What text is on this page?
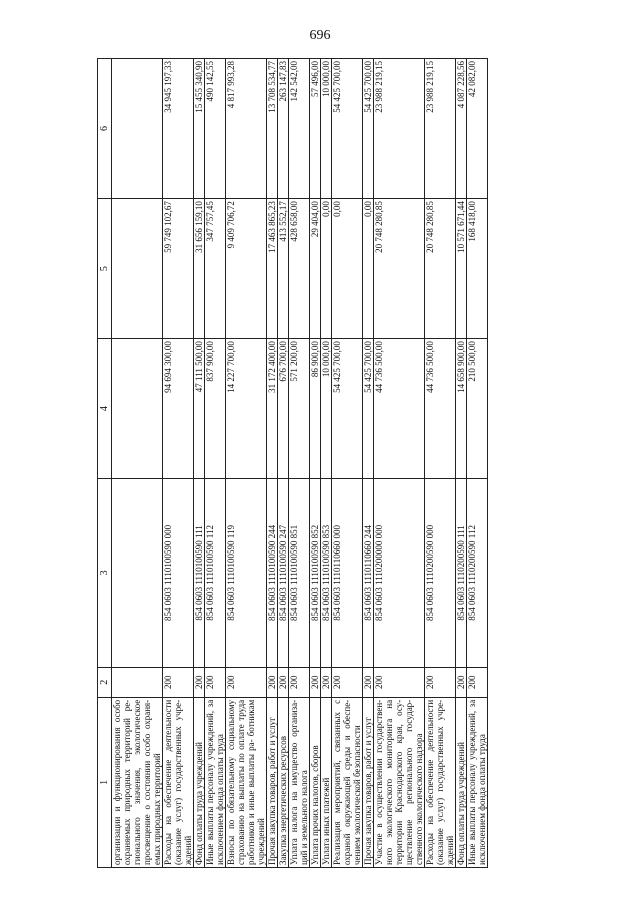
696
1	2	3	4	5	6
организации и функционирования особо охраняемых природных территорий ре- гионального значения, экологическое просвещение о состоянии особо охраня- емых природных территорий					
Расходы на обеспечение деятельности (оказание услуг) государственных учре- ждений	200	854 0603 1110100590 000	94 694 300,00	59 749 102,67	34 945 197,33
Фонд оплаты труда учреждений	200	854 0603 1110100590 111	47 111 500,00	31 656 159,10	15 455 340,90
Иные выплаты персоналу учреждений, за исключением фонда оплаты труда	200	854 0603 1110100590 112	837 900,00	347 757,45	490 142,55
Взносы по обязательному социальному страхованию на выплаты по оплате труда работников и иные выплаты ра- ботникам учреждений	200	854 0603 1110100590 119	14 227 700,00	9 409 706,72	4 817 993,28
Прочая закупка товаров, работ и услуг	200	854 0603 1110100590 244	31 172 400,00	17 463 865,23	13 708 534,77
Закупка энергетических ресурсов	200	854 0603 1110100590 247	676 700,00	413 552,17	263 147,83
Уплата налога на имущество организа- ций и земельного налога	200	854 0603 1110100590 851	571 200,00	428 658,00	142 542,00
Уплата прочих налогов, сборов	200	854 0603 1110100590 852	86 900,00	29 404,00	57 496,00
Уплата иных платежей	200	854 0603 1110100590 853	10 000,00	0,00	10 000,00
Реализация мероприятий, связанных с охраной окружающей среды и обеспе- чением экологической безопасности	200	854 0603 1110110660 000	54 425 700,00	0,00	54 425 700,00
Прочая закупка товаров, работ и услуг	200	854 0603 1110110660 244	54 425 700,00	0,00	54 425 700,00
Участие в осуществлении государствен- ного экологического мониторинга на территории Краснодарского края, осу- ществление регионального государ- ственного экологического надзора	200	854 0603 1110200000 000	44 736 500,00	20 748 280,85	23 988 219,15
Расходы на обеспечение деятельности (оказание услуг) государственных учре- ждений	200	854 0603 1110200590 000	44 736 500,00	20 748 280,85	23 988 219,15
Фонд оплаты труда учреждений	200	854 0603 1110200590 111	14 658 900,00	10 571 671,44	4 087 228,56
Иные выплаты персоналу учреждений, за исключением фонда оплаты труда	200	854 0603 1110200590 112	210 500,00	168 418,00	42 082,00
